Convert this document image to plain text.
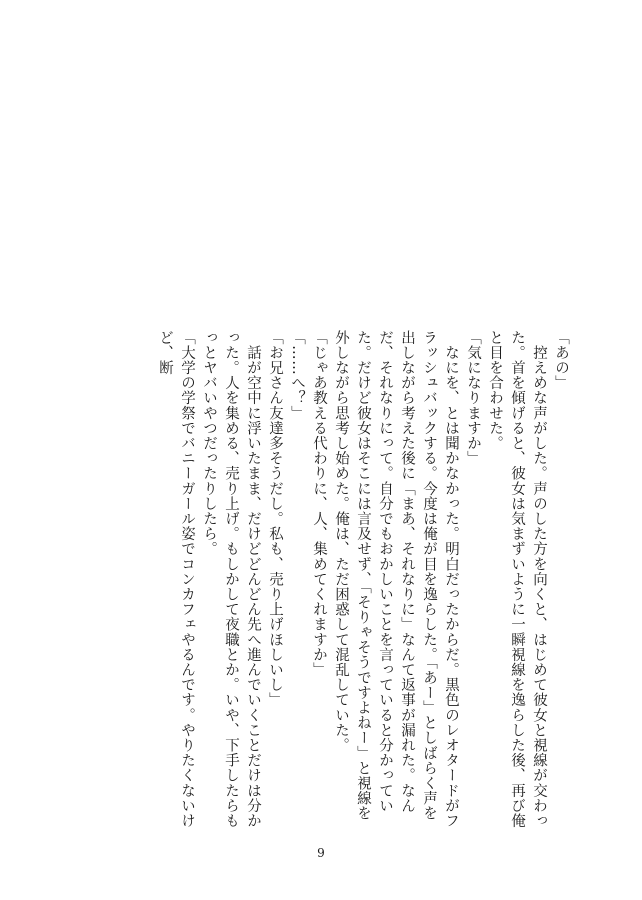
「あの」
　控えめな声がした。声のした方を向くと、はじめて彼女と視線が交わった。首を傾げると、彼女は気まずいように一瞬視線を逸らした後、再び俺と目を合わせた。
「気になりますか」
　なにを、とは聞かなかった。明白だったからだ。黒色のレオタードがフラッシュバックする。今度は俺が目を逸らした。「あー」としばらく声を出しながら考えた後に「まあ、それなりに」なんて返事が漏れた。なんだ、それなりにって。自分でもおかしいことを言っていると分かっていた。だけど彼女はそこには言及せず、「そりゃそうですよねー」と視線を外しながら思考し始めた。俺は、ただ困惑して混乱していた。
「じゃあ教える代わりに、人、集めてくれますか」
「……へ？」
「お兄さん友達多そうだし。私も、売り上げほしいし」
　話が空中に浮いたまま、だけどどんどん先へ進んでいくことだけは分かった。人を集める、売り上げ。もしかして夜職とか。いや、下手したらもっとヤバいやつだったりしたら。
「大学の学祭でバニーガール姿でコンカフェやるんです。やりたくないけど、断
9
